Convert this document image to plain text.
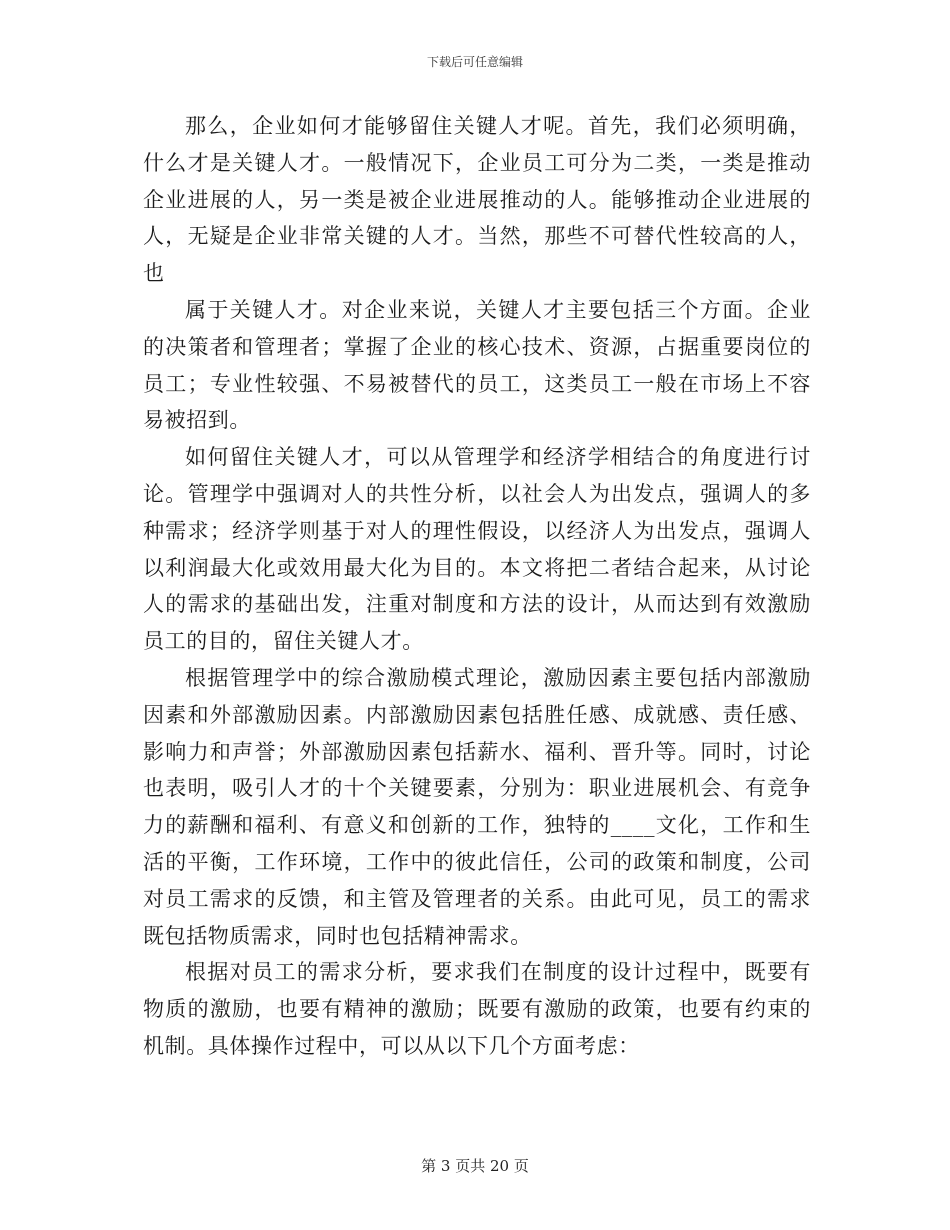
下载后可任意编辑

那么，企业如何才能够留住关键人才呢。首先，我们必须明确，什么才是关键人才。一般情况下，企业员工可分为二类，一类是推动企业进展的人，另一类是被企业进展推动的人。能够推动企业进展的人，无疑是企业非常关键的人才。当然，那些不可替代性较高的人，也

属于关键人才。对企业来说，关键人才主要包括三个方面。企业的决策者和管理者；掌握了企业的核心技术、资源，占据重要岗位的员工；专业性较强、不易被替代的员工，这类员工一般在市场上不容易被招到。

如何留住关键人才，可以从管理学和经济学相结合的角度进行讨论。管理学中强调对人的共性分析，以社会人为出发点，强调人的多种需求；经济学则基于对人的理性假设，以经济人为出发点，强调人以利润最大化或效用最大化为目的。本文将把二者结合起来，从讨论人的需求的基础出发，注重对制度和方法的设计，从而达到有效激励员工的目的，留住关键人才。

根据管理学中的综合激励模式理论，激励因素主要包括内部激励因素和外部激励因素。内部激励因素包括胜任感、成就感、责任感、影响力和声誉；外部激励因素包括薪水、福利、晋升等。同时，讨论也表明，吸引人才的十个关键要素，分别为：职业进展机会、有竞争力的薪酬和福利、有意义和创新的工作，独特的____文化，工作和生活的平衡，工作环境，工作中的彼此信任，公司的政策和制度，公司对员工需求的反馈，和主管及管理者的关系。由此可见，员工的需求既包括物质需求，同时也包括精神需求。

根据对员工的需求分析，要求我们在制度的设计过程中，既要有物质的激励，也要有精神的激励；既要有激励的政策，也要有约束的机制。具体操作过程中，可以从以下几个方面考虑：

第 3 页共 20 页
